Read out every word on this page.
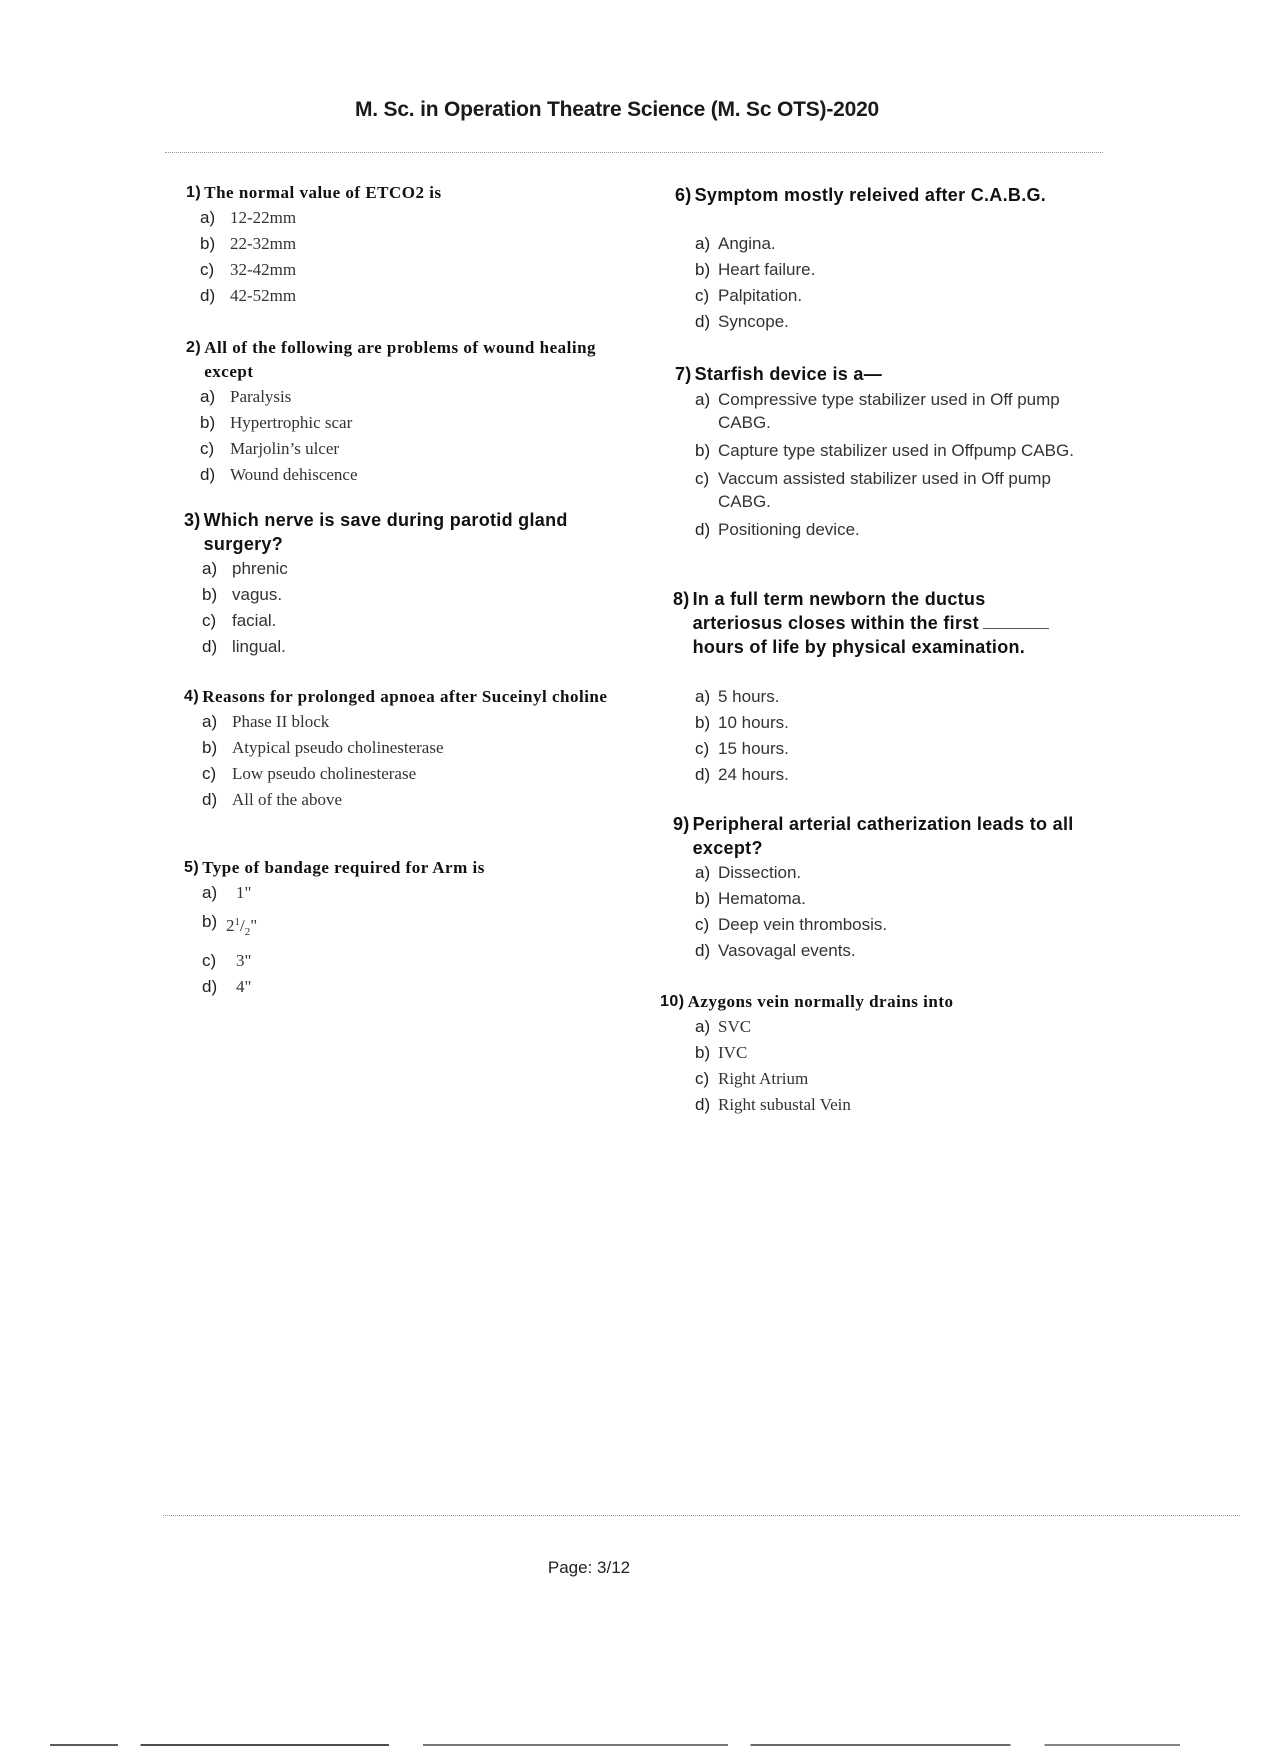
M. Sc. in Operation Theatre Science (M. Sc OTS)-2020
1) The normal value of ETCO2 is
a) 12-22mm
b) 22-32mm
c) 32-42mm
d) 42-52mm
2) All of the following are problems of wound healing except
a) Paralysis
b) Hypertrophic scar
c) Marjolin’s ulcer
d) Wound dehiscence
3) Which nerve is save during parotid gland surgery?
a) phrenic
b) vagus.
c) facial.
d) lingual.
4) Reasons for prolonged apnoea after Suceinyl choline
a) Phase II block
b) Atypical pseudo cholinesterase
c) Low pseudo cholinesterase
d) All of the above
5) Type of bandage required for Arm is
a)	1"
b) $2^1/_2$"
c)	3"
d)	4"
6) Symptom mostly releived after C.A.B.G.
a) Angina.
b) Heart failure.
c) Palpitation.
d) Syncope.
7) Starfish device is a—
a) Compressive type stabilizer used in Off pump CABG.
b) Capture type stabilizer used in Offpump CABG.
c) Vaccum assisted stabilizer used in Off pump CABG.
d) Positioning device.
8) In a full term newborn the ductus
arteriosus closes within the first
hours of life by physical examination.
a) 5 hours.
b) 10 hours.
c) 15 hours.
d) 24 hours.
9) Peripheral arterial catherization leads to all except?
a) Dissection.
b) Hematoma.
c) Deep vein thrombosis.
d) Vasovagal events.
10) Azygons vein normally drains into
a) SVC
b) IVC
c) Right Atrium
d) Right subustal Vein
Page: 3/12
